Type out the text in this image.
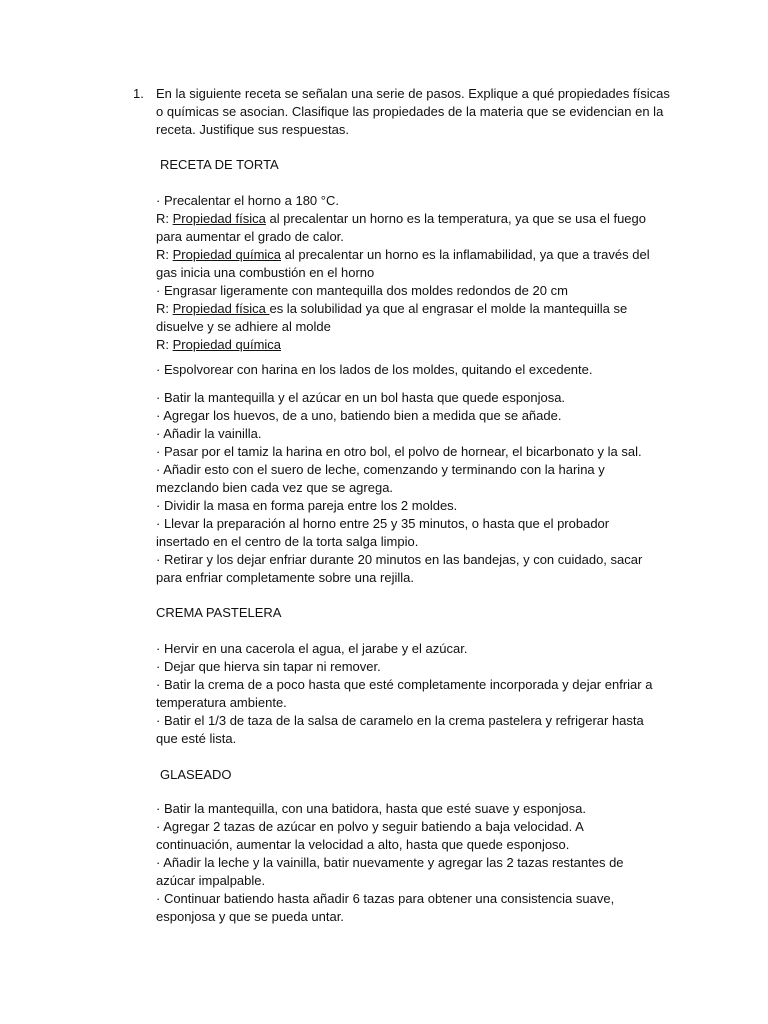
1. En la siguiente receta se señalan una serie de pasos. Explique a qué propiedades físicas
o químicas se asocian. Clasifique las propiedades de la materia que se evidencian en la
receta. Justifique sus respuestas.
RECETA DE TORTA
· Precalentar el horno a 180 °C.
R: Propiedad física al precalentar un horno es la temperatura, ya que se usa el fuego
para aumentar el grado de calor.
R: Propiedad química al precalentar un horno es la inflamabilidad, ya que a través del
gas inicia una combustión en el horno
· Engrasar ligeramente con mantequilla dos moldes redondos de 20 cm
R: Propiedad física es la solubilidad ya que al engrasar el molde la mantequilla se
disuelve y se adhiere al molde
R: Propiedad química
· Espolvorear con harina en los lados de los moldes, quitando el excedente.
· Batir la mantequilla y el azúcar en un bol hasta que quede esponjosa.
· Agregar los huevos, de a uno, batiendo bien a medida que se añade.
· Añadir la vainilla.
· Pasar por el tamiz la harina en otro bol, el polvo de hornear, el bicarbonato y la sal.
· Añadir esto con el suero de leche, comenzando y terminando con la harina y
mezclando bien cada vez que se agrega.
· Dividir la masa en forma pareja entre los 2 moldes.
· Llevar la preparación al horno entre 25 y 35 minutos, o hasta que el probador
insertado en el centro de la torta salga limpio.
· Retirar y los dejar enfriar durante 20 minutos en las bandejas, y con cuidado, sacar
para enfriar completamente sobre una rejilla.
CREMA PASTELERA
· Hervir en una cacerola el agua, el jarabe y el azúcar.
· Dejar que hierva sin tapar ni remover.
· Batir la crema de a poco hasta que esté completamente incorporada y dejar enfriar a
temperatura ambiente.
· Batir el 1/3 de taza de la salsa de caramelo en la crema pastelera y refrigerar hasta
que esté lista.
GLASEADO
· Batir la mantequilla, con una batidora, hasta que esté suave y esponjosa.
· Agregar 2 tazas de azúcar en polvo y seguir batiendo a baja velocidad. A
continuación, aumentar la velocidad a alto, hasta que quede esponjoso.
· Añadir la leche y la vainilla, batir nuevamente y agregar las 2 tazas restantes de
azúcar impalpable.
· Continuar batiendo hasta añadir 6 tazas para obtener una consistencia suave,
esponjosa y que se pueda untar.
